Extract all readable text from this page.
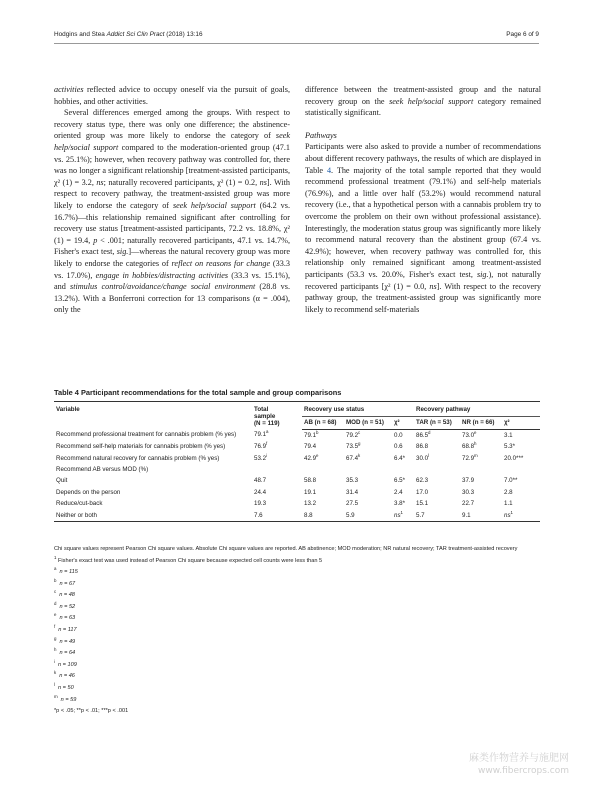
Hodgins and Stea Addict Sci Clin Pract (2018) 13:16	Page 6 of 9

activities reflected advice to occupy oneself via the pursuit of goals, hobbies, and other activities.

Several differences emerged among the groups. With respect to recovery status type, there was only one difference; the abstinence-oriented group was more likely to endorse the category of seek help/social support compared to the moderation-oriented group (47.1 vs. 25.1%); however, when recovery pathway was controlled for, there was no longer a significant relationship [treatment-assisted participants, χ² (1) = 3.2, ns; naturally recovered participants, χ² (1) = 0.2, ns]. With respect to recovery pathway, the treatment-assisted group was more likely to endorse the category of seek help/social support (64.2 vs. 16.7%)—this relationship remained significant after controlling for recovery use status [treatment-assisted participants, 72.2 vs. 18.8%, χ² (1) = 19.4, p < .001; naturally recovered participants, 47.1 vs. 14.7%, Fisher's exact test, sig.]—whereas the natural recovery group was more likely to endorse the categories of reflect on reasons for change (33.3 vs. 17.0%), engage in hobbies/distracting activities (33.3 vs. 15.1%), and stimulus control/avoidance/change social environment (28.8 vs. 13.2%). With a Bonferroni correction for 13 comparisons (α = .004), only the

difference between the treatment-assisted group and the natural recovery group on the seek help/social support category remained statistically significant.

Pathways

Participants were also asked to provide a number of recommendations about different recovery pathways, the results of which are displayed in Table 4. The majority of the total sample reported that they would recommend professional treatment (79.1%) and self-help materials (76.9%), and a little over half (53.2%) would recommend natural recovery (i.e., that a hypothetical person with a cannabis problem try to overcome the problem on their own without professional assistance). Interestingly, the moderation status group was significantly more likely to recommend natural recovery than the abstinent group (67.4 vs. 42.9%); however, when recovery pathway was controlled for, this relationship only remained significant among treatment-assisted participants (53.3 vs. 20.0%, Fisher's exact test, sig.), not naturally recovered participants [χ² (1) = 0.0, ns]. With respect to the recovery pathway group, the treatment-assisted group was significantly more likely to recommend self-materials

Table 4 Participant recommendations for the total sample and group comparisons
Variable	Total
sample
(N = 119)	Recovery use status			Recovery pathway		
		AB (n = 68)	MOD (n = 51)	χ²	TAR (n = 53)	NR (n = 66)	χ²
Recommend professional treatment for cannabis problem (% yes)	79.1$^a$	79.1$^b$	79.2$^c$	0.0	86.5$^d$	73.0e	3.1
Recommend self-help materials for cannabis problem (% yes)	76.9$^f$	79.4	73.5$^g$	0.6	86.8	68.8$^h$	5.3*
Recommend natural recovery for cannabis problem (% yes)	53.2$^i$	42.9e	67.4$^k$	6.4*	30.0$^l$	72.9$^m$	20.0***
Recommend AB versus MOD (%)							
Quit	48.7	58.8	35.3	6.5*	62.3	37.9	7.0**
Depends on the person	24.4	19.1	31.4	2.4	17.0	30.3	2.8
Reduce/cut-back	19.3	13.2	27.5	3.8*	15.1	22.7	1.1
Neither or both	7.6	8.8	5.9	$ns^1$	5.7	9.1	$ns^1$

Chi square values represent Pearson Chi square values. Absolute Chi square values are reported. AB abstinence; MOD moderation; NR natural recovery; TAR treatment-assisted recovery

$^1$ Fisher's exact test was used instead of Pearson Chi square because expected cell counts were less than 5

$^a$n = 115

$^b$n = 67

$^c$n = 48

$^d$n = 52

$^e$n = 63

$^f$n = 117

$^g$n = 49

$^h$n = 64

$^i$n = 109

$^k$n = 46

$^l$n = 50

$^m$n = 59

*p < .05; **p < .01; ***p < .001

麻类作物营养与施肥网
www.fibercrops.com
